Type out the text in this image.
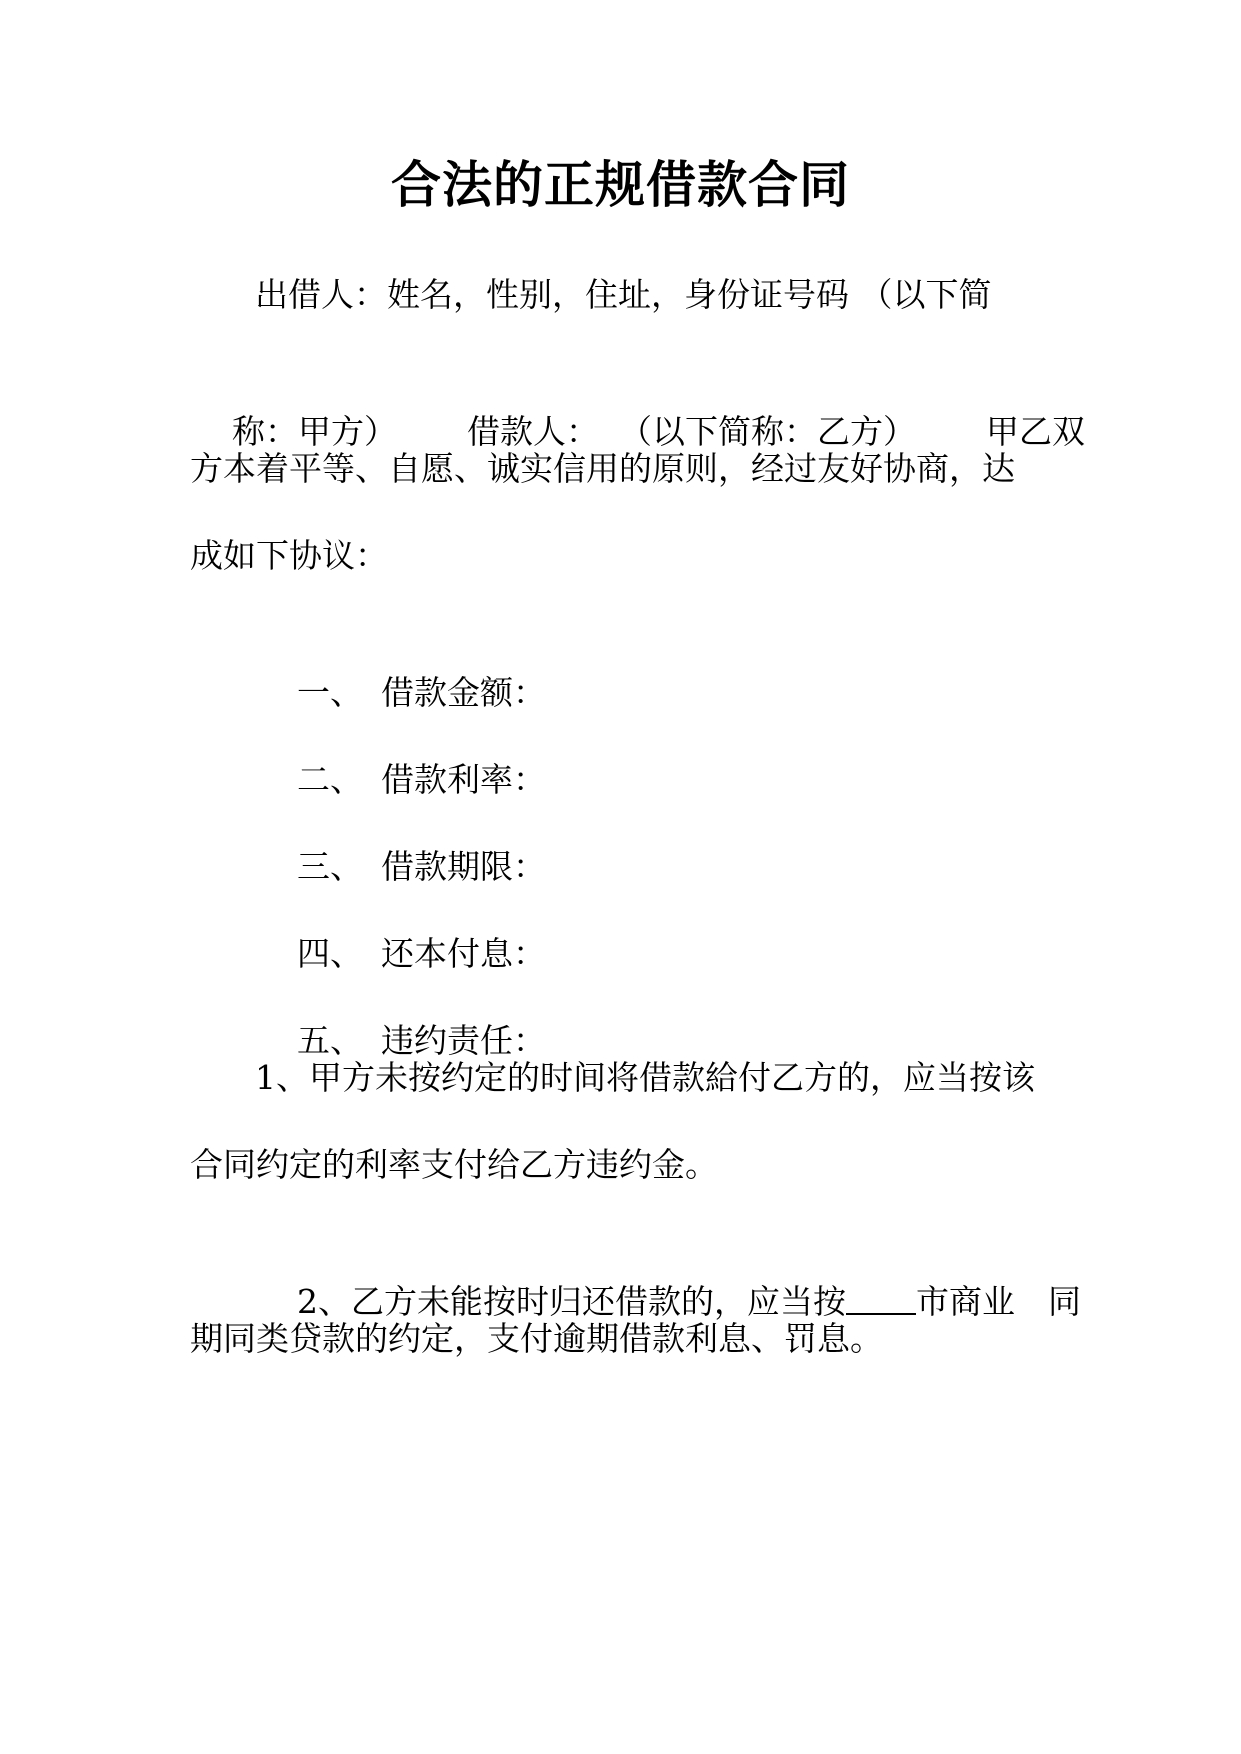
合法的正规借款合同
出借人：姓名，性别，住址，身份证号码 （以下简

称：甲方） 借款人： （以下简称：乙方） 甲乙双

方本着平等、自愿、诚实信用的原则，经过友好协商，达
成如下协议：

一、 借款金额：

二、 借款利率：

三、 借款期限：

四、 还本付息：

五、 违约责任：

1、甲方未按约定的时间将借款給付乙方的，应当按该
合同约定的利率支付给乙方违约金。

2、乙方未能按时归还借款的，应当按 市商业　同

期同类贷款的约定，支付逾期借款利息、罚息。
